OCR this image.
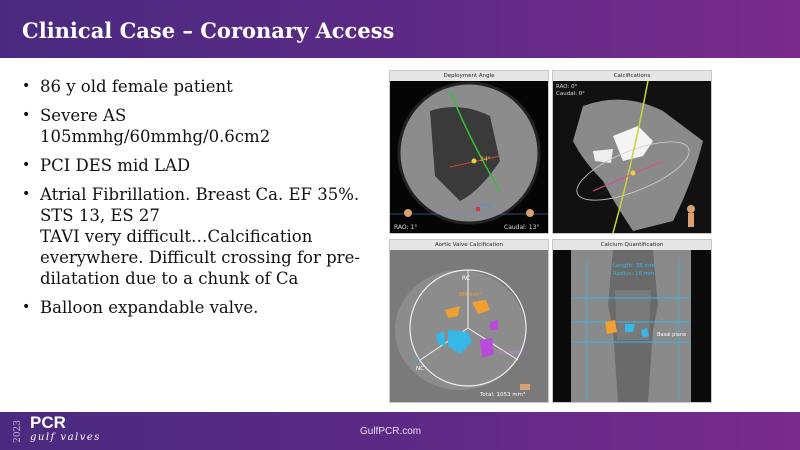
Clinical Case – Coronary Access
• 86 y old female patient
• Severe AS
105mmhg/60mmhg/0.6cm2
• PCI DES mid LAD
• Atrial Fibrillation. Breast Ca. EF 35%. STS 13, ES 27
TAVI very difficult…Calcification everywhere. Difficult crossing for pre-dilatation due to a chunk of Ca
• Balloon expandable valve.
Deployment Angle
34°
RAO: 1°	Caudal: 13°
Calcifications
RAO: 0°
Caudal: 0°
Aortic Valve Calcification
RC
384 mm³
LC
NC
270 mm³
Total: 1053 mm³
Calcium Quantification
Length: 38 mm
Radius: 18 mm
Basal plane
2023 PCR
gulf valves
GulfPCR.com
